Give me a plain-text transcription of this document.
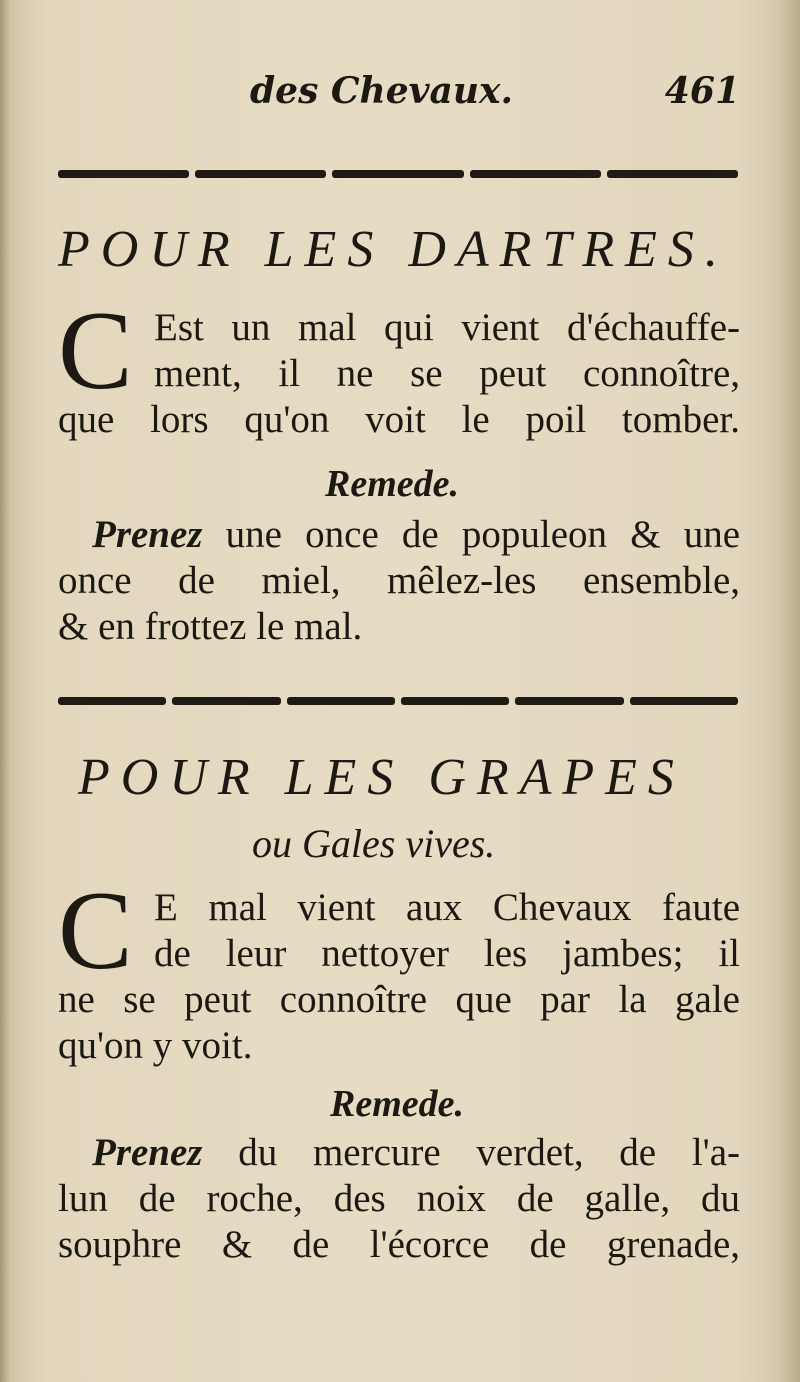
des Chevaux.	461
POUR LES DARTRES.
C Est un mal qui vient d'échauffe-
ment, il ne se peut connoître,
que lors qu'on voit le poil tomber.
Remede.
Prenez une once de populeon & une
once de miel, mêlez-les ensemble,
& en frottez le mal.
POUR LES GRAPES
ou Gales vives.
C E mal vient aux Chevaux faute
de leur nettoyer les jambes; il
ne se peut connoître que par la gale
qu'on y voit.
Remede.
Prenez du mercure verdet, de l'a-
lun de roche, des noix de galle, du
souphre & de l'écorce de grenade,
